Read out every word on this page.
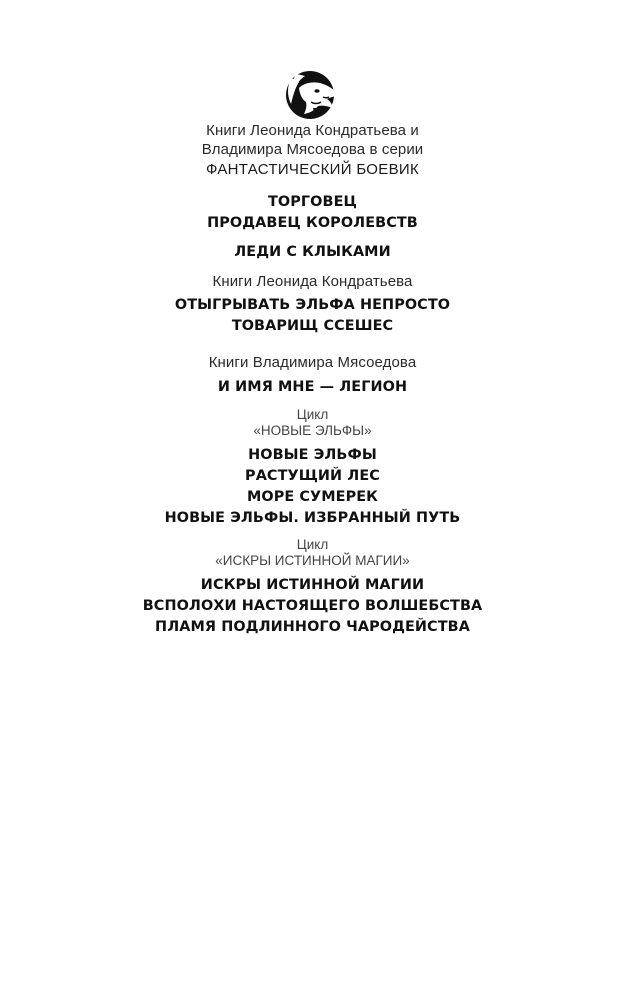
Книги Леонида Кондратьева и
Владимира Мясоедова в серии
ФАНТАСТИЧЕСКИЙ БОЕВИК
ТОРГОВЕЦ
ПРОДАВЕЦ КОРОЛЕВСТВ
ЛЕДИ С КЛЫКАМИ
Книги Леонида Кондратьева
ОТЫГРЫВАТЬ ЭЛЬФА НЕПРОСТО
ТОВАРИЩ ССЕШЕС
Книги Владимира Мясоедова
И ИМЯ МНЕ — ЛЕГИОН
Цикл
«НОВЫЕ ЭЛЬФЫ»
НОВЫЕ ЭЛЬФЫ
РАСТУЩИЙ ЛЕС
МОРЕ СУМЕРЕК
НОВЫЕ ЭЛЬФЫ. ИЗБРАННЫЙ ПУТЬ
Цикл
«ИСКРЫ ИСТИННОЙ МАГИИ»
ИСКРЫ ИСТИННОЙ МАГИИ
ВСПОЛОХИ НАСТОЯЩЕГО ВОЛШЕБСТВА
ПЛАМЯ ПОДЛИННОГО ЧАРОДЕЙСТВА
